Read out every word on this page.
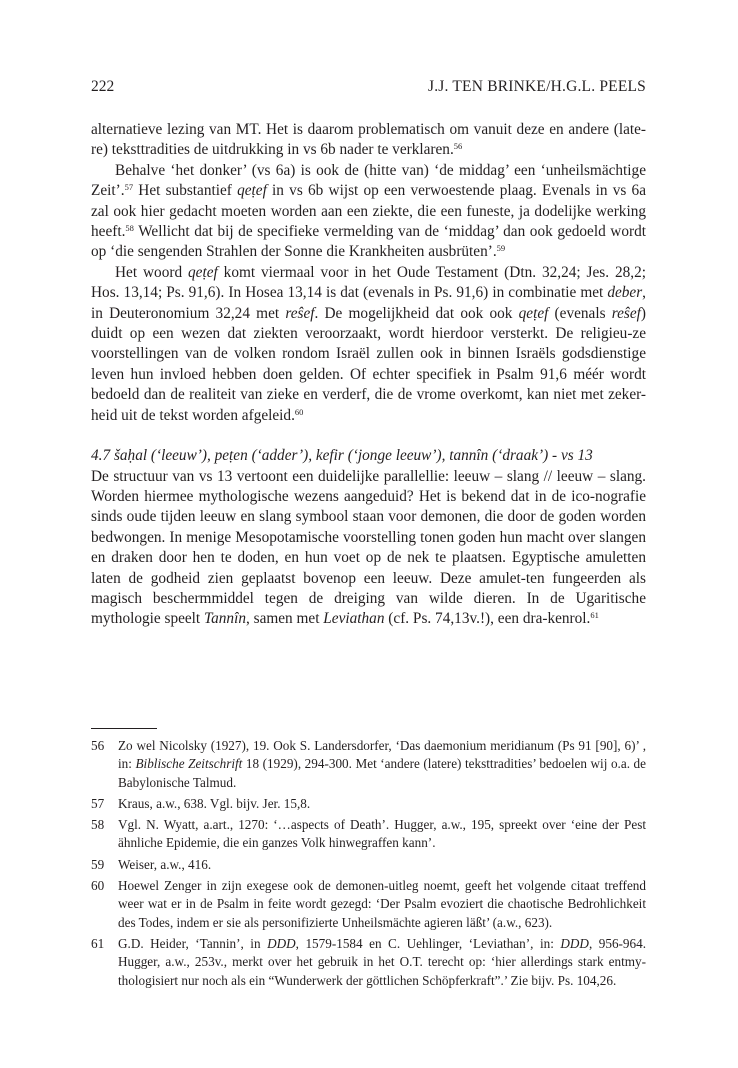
222	J.J. TEN BRINKE/H.G.L. PEELS

alternatieve lezing van MT. Het is daarom problematisch om vanuit deze en andere (late-re) teksttradities de uitdrukking in vs 6b nader te verklaren.$^{56}$

Behalve ‘het donker’ (vs 6a) is ook de (hitte van) ‘de middag’ een ‘unheilsmächtige Zeit’.$^{57}$ Het substantief qeṭef in vs 6b wijst op een verwoestende plaag. Evenals in vs 6a zal ook hier gedacht moeten worden aan een ziekte, die een funeste, ja dodelijke werking heeft.$^{58}$ Wellicht dat bij de specifieke vermelding van de ‘middag’ dan ook gedoeld wordt op ‘die sengenden Strahlen der Sonne die Krankheiten ausbrüten’.$^{59}$

Het woord qeṭef komt viermaal voor in het Oude Testament (Dtn. 32,24; Jes. 28,2; Hos. 13,14; Ps. 91,6). In Hosea 13,14 is dat (evenals in Ps. 91,6) in combinatie met deber, in Deuteronomium 32,24 met reŝef. De mogelijkheid dat ook ook qeṭef (evenals reŝef) duidt op een wezen dat ziekten veroorzaakt, wordt hierdoor versterkt. De religieu-ze voorstellingen van de volken rondom Israël zullen ook in binnen Israëls godsdienstige leven hun invloed hebben doen gelden. Of echter specifiek in Psalm 91,6 méér wordt bedoeld dan de realiteit van zieke en verderf, die de vrome overkomt, kan niet met zeker-heid uit de tekst worden afgeleid.$^{60}$

4.7 šaḥal (‘leeuw’), peṭen (‘adder’), kefir (‘jonge leeuw’), tannîn (‘draak’) - vs 13

De structuur van vs 13 vertoont een duidelijke parallellie: leeuw – slang // leeuw – slang. Worden hiermee mythologische wezens aangeduid? Het is bekend dat in de ico-nografie sinds oude tijden leeuw en slang symbool staan voor demonen, die door de goden worden bedwongen. In menige Mesopotamische voorstelling tonen goden hun macht over slangen en draken door hen te doden, en hun voet op de nek te plaatsen. Egyptische amuletten laten de godheid zien geplaatst bovenop een leeuw. Deze amulet-ten fungeerden als magisch beschermmiddel tegen de dreiging van wilde dieren. In de Ugaritische mythologie speelt Tannîn, samen met Leviathan (cf. Ps. 74,13v.!), een dra-kenrol.$^{61}$

56 Zo wel Nicolsky (1927), 19. Ook S. Landersdorfer, ‘Das daemonium meridianum (Ps 91 [90], 6)’ , in: Biblische Zeitschrift 18 (1929), 294-300. Met ‘andere (latere) teksttradities’ bedoelen wij o.a. de Babylonische Talmud.
57 Kraus, a.w., 638. Vgl. bijv. Jer. 15,8.
58 Vgl. N. Wyatt, a.art., 1270: ‘…aspects of Death’. Hugger, a.w., 195, spreekt over ‘eine der Pest ähnliche Epidemie, die ein ganzes Volk hinwegraffen kann’.
59 Weiser, a.w., 416.
60 Hoewel Zenger in zijn exegese ook de demonen-uitleg noemt, geeft het volgende citaat treffend weer wat er in de Psalm in feite wordt gezegd: ‘Der Psalm evoziert die chaotische Bedrohlichkeit des Todes, indem er sie als personifizierte Unheilsmächte agieren läßt’ (a.w., 623).
61 G.D. Heider, ‘Tannin’, in DDD, 1579-1584 en C. Uehlinger, ‘Leviathan’, in: DDD, 956-964. Hugger, a.w., 253v., merkt over het gebruik in het O.T. terecht op: ‘hier allerdings stark entmy-thologisiert nur noch als ein “Wunderwerk der göttlichen Schöpferkraft”.’ Zie bijv. Ps. 104,26.
